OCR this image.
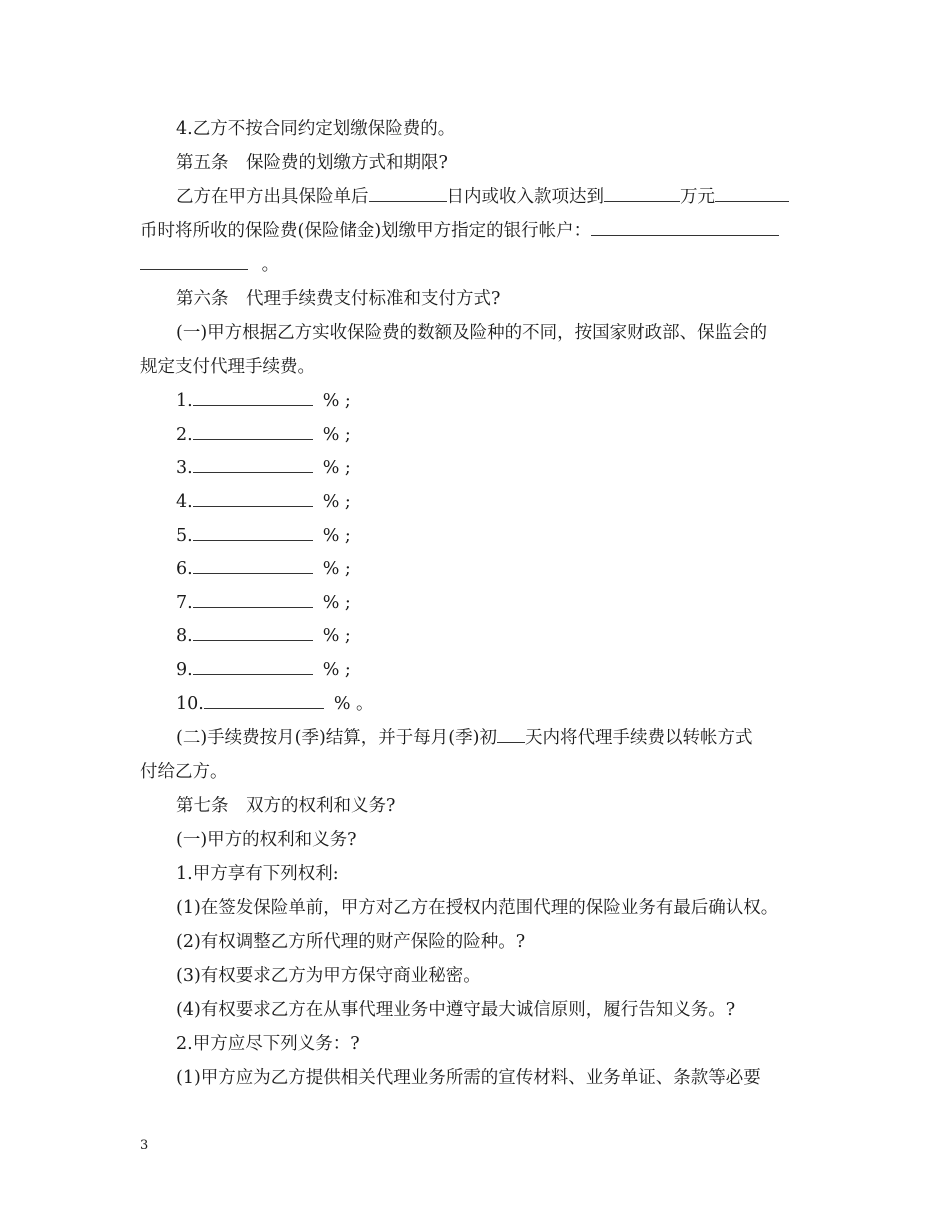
4.乙方不按合同约定划缴保险费的。
第五条　保险费的划缴方式和期限?
乙方在甲方出具保险单后	日内或收入款项达到	万元
币时将所收的保险费(保险储金)划缴甲方指定的银行帐户：
。
第六条　代理手续费支付标准和支付方式?
(一)甲方根据乙方实收保险费的数额及险种的不同，按国家财政部、保监会的
规定支付代理手续费。
1.	% ;
2.	% ;
3.	% ;
4.	% ;
5.	% ;
6.	% ;
7.	% ;
8.	% ;
9.	% ;
10.	% 。
(二)手续费按月(季)结算，并于每月(季)初 天内将代理手续费以转帐方式
付给乙方。
第七条　双方的权利和义务?
(一)甲方的权利和义务?
1.甲方享有下列权利:
(1)在签发保险单前，甲方对乙方在授权内范围代理的保险业务有最后确认权。
(2)有权调整乙方所代理的财产保险的险种。?
(3)有权要求乙方为甲方保守商业秘密。
(4)有权要求乙方在从事代理业务中遵守最大诚信原则，履行告知义务。?
2.甲方应尽下列义务：?
(1)甲方应为乙方提供相关代理业务所需的宣传材料、业务单证、条款等必要
3
